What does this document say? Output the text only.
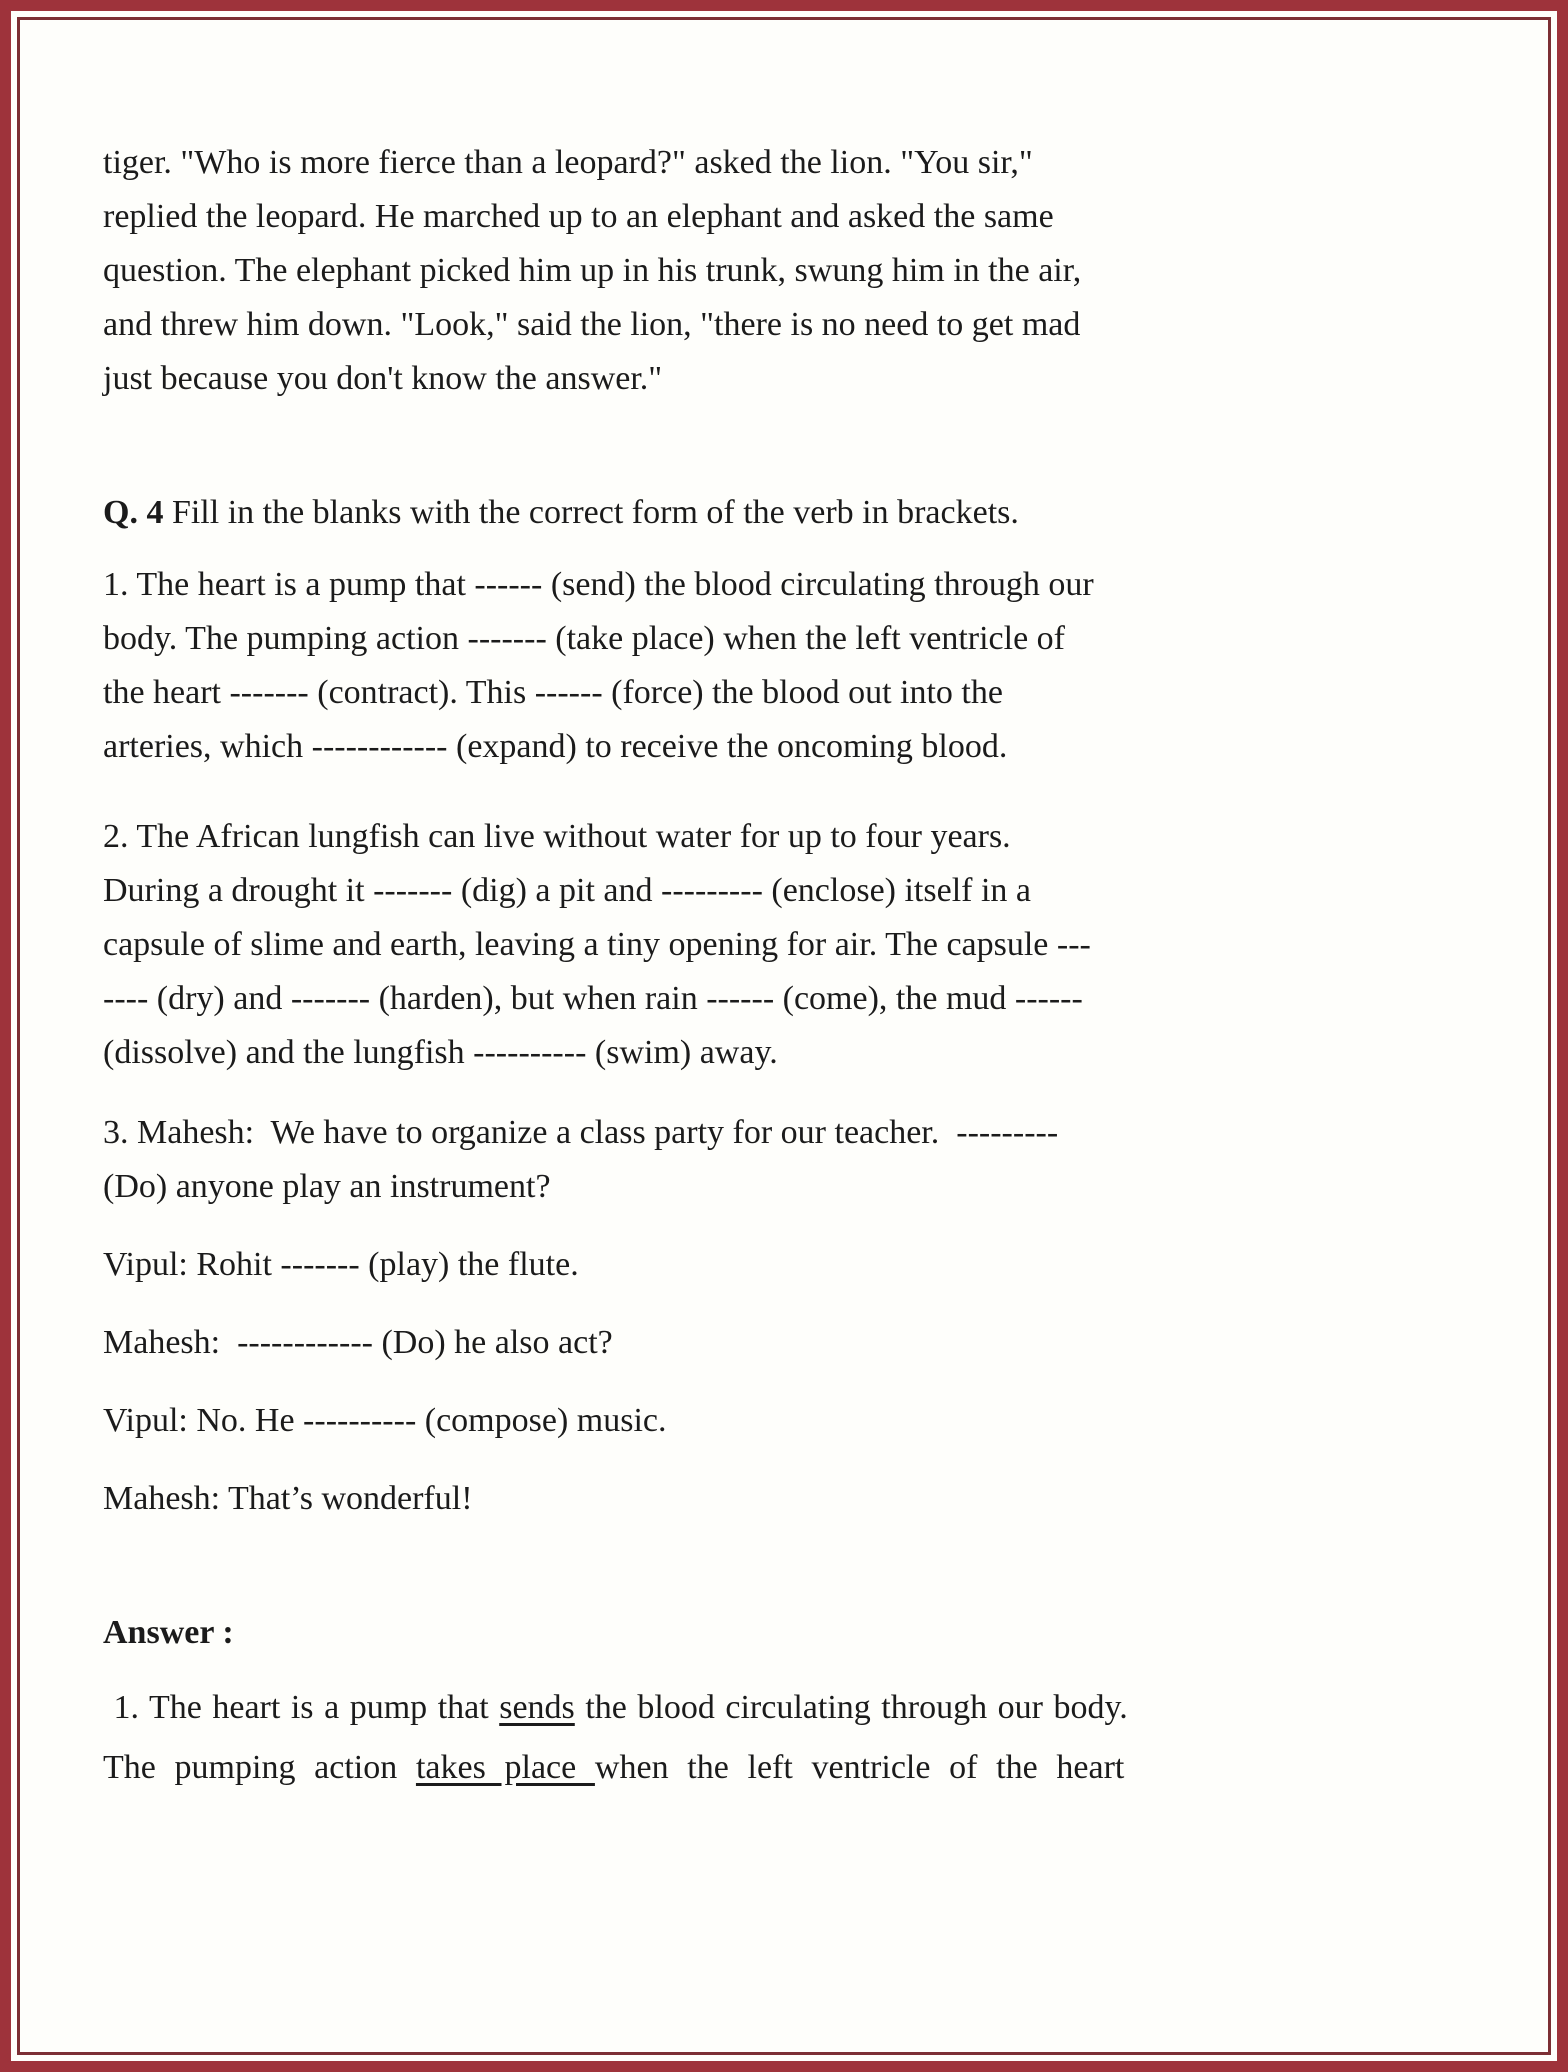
tiger. "Who is more fierce than a leopard?" asked the lion. "You sir,"
replied the leopard. He marched up to an elephant and asked the same
question. The elephant picked him up in his trunk, swung him in the air,
and threw him down. "Look," said the lion, "there is no need to get mad
just because you don't know the answer."
Q. 4 Fill in the blanks with the correct form of the verb in brackets.
1. The heart is a pump that ------ (send) the blood circulating through our
body. The pumping action ------- (take place) when the left ventricle of
the heart ------- (contract). This ------ (force) the blood out into the
arteries, which ------------ (expand) to receive the oncoming blood.
2. The African lungfish can live without water for up to four years.
During a drought it ------- (dig) a pit and --------- (enclose) itself in a
capsule of slime and earth, leaving a tiny opening for air. The capsule ---
---- (dry) and ------- (harden), but when rain ------ (come), the mud ------
(dissolve) and the lungfish ---------- (swim) away.
3. Mahesh:  We have to organize a class party for our teacher.  ---------
(Do) anyone play an instrument?
Vipul: Rohit ------- (play) the flute.
Mahesh:  ------------ (Do) he also act?
Vipul: No. He ---------- (compose) music.
Mahesh: That’s wonderful!
Answer :
1. The heart is a pump that sends the blood circulating through our body.
The pumping action takes place when the left ventricle of the heart
